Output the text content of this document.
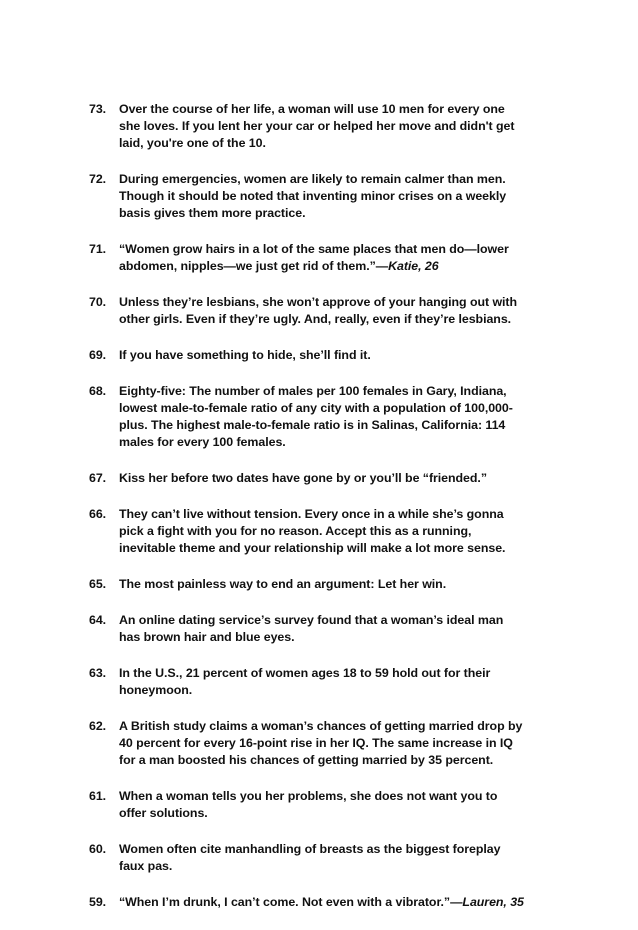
73.	Over the course of her life, a woman will use 10 men for every one
she loves. If you lent her your car or helped her move and didn't get
laid, you're one of the 10.
72.	During emergencies, women are likely to remain calmer than men.
Though it should be noted that inventing minor crises on a weekly
basis gives them more practice.
71.	“Women grow hairs in a lot of the same places that men do—lower
abdomen, nipples—we just get rid of them.”—Katie, 26
70.	Unless they’re lesbians, she won’t approve of your hanging out with
other girls. Even if they’re ugly. And, really, even if they’re lesbians.
69.	If you have something to hide, she’ll find it.
68.	Eighty-five: The number of males per 100 females in Gary, Indiana,
lowest male-to-female ratio of any city with a population of 100,000-
plus. The highest male-to-female ratio is in Salinas, California: 114
males for every 100 females.
67.	Kiss her before two dates have gone by or you’ll be “friended.”
66.	They can’t live without tension. Every once in a while she’s gonna
pick a fight with you for no reason. Accept this as a running,
inevitable theme and your relationship will make a lot more sense.
65.	The most painless way to end an argument: Let her win.
64.	An online dating service’s survey found that a woman’s ideal man
has brown hair and blue eyes.
63.	In the U.S., 21 percent of women ages 18 to 59 hold out for their
honeymoon.
62.	A British study claims a woman’s chances of getting married drop by
40 percent for every 16-point rise in her IQ. The same increase in IQ
for a man boosted his chances of getting married by 35 percent.
61.	When a woman tells you her problems, she does not want you to
offer solutions.
60.	Women often cite manhandling of breasts as the biggest foreplay
faux pas.
59.	“When I’m drunk, I can’t come. Not even with a vibrator.”—Lauren, 35
